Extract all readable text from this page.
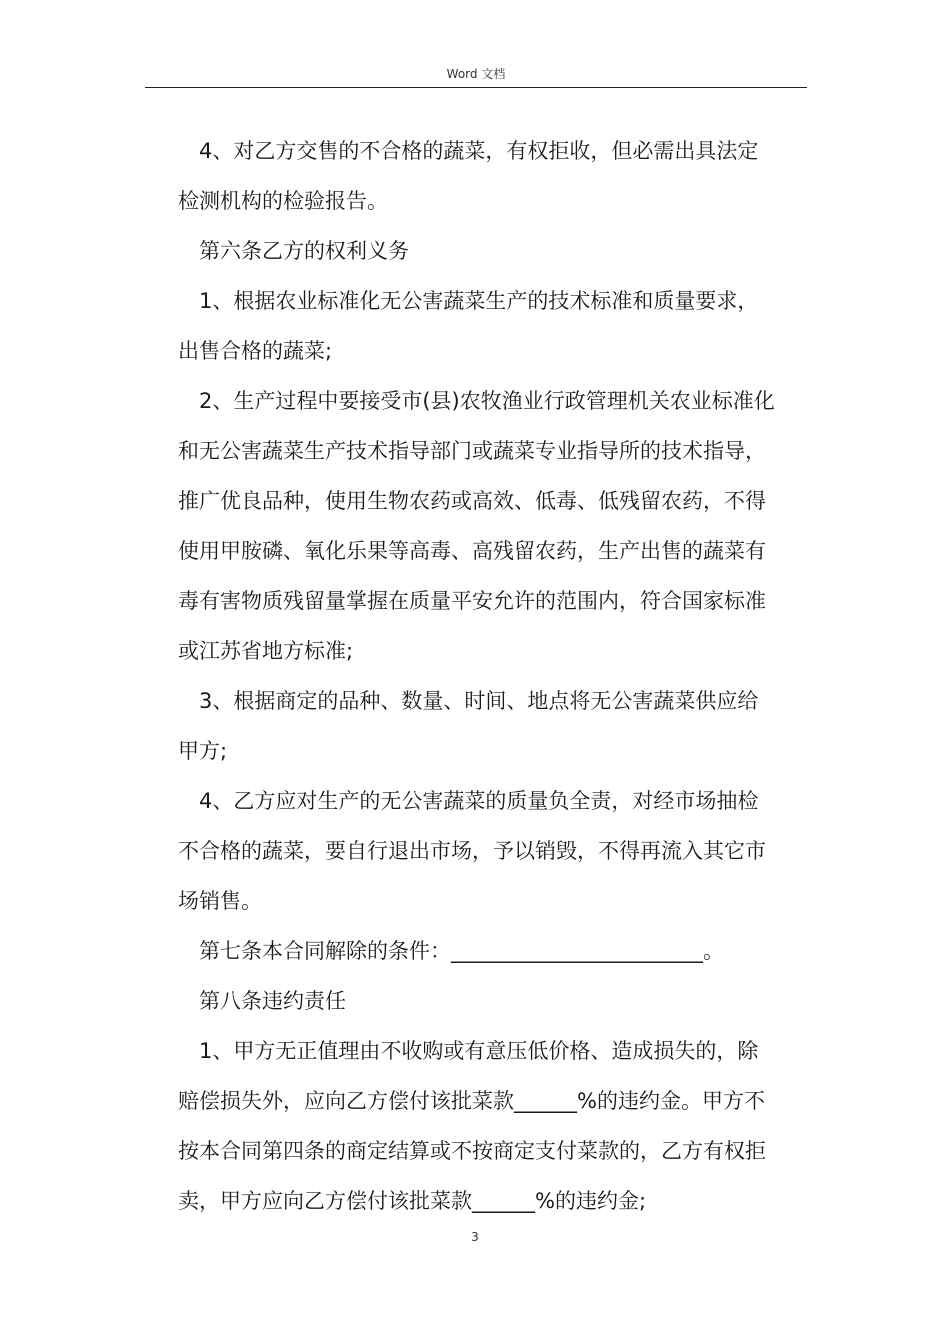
Word 文档

4、对乙方交售的不合格的蔬菜，有权拒收，但必需出具法定
检测机构的检验报告。

第六条乙方的权利义务

1、根据农业标准化无公害蔬菜生产的技术标准和质量要求，
出售合格的蔬菜;

2、生产过程中要接受市(县)农牧渔业行政管理机关农业标准化
和无公害蔬菜生产技术指导部门或蔬菜专业指导所的技术指导，
推广优良品种，使用生物农药或高效、低毒、低残留农药，不得
使用甲胺磷、氧化乐果等高毒、高残留农药，生产出售的蔬菜有
毒有害物质残留量掌握在质量平安允许的范围内，符合国家标准
或江苏省地方标准;

3、根据商定的品种、数量、时间、地点将无公害蔬菜供应给
甲方;

4、乙方应对生产的无公害蔬菜的质量负全责，对经市场抽检
不合格的蔬菜，要自行退出市场，予以销毁，不得再流入其它市
场销售。

第七条本合同解除的条件：________________________。

第八条违约责任

1、甲方无正值理由不收购或有意压低价格、造成损失的，除
赔偿损失外，应向乙方偿付该批菜款______%的违约金。甲方不
按本合同第四条的商定结算或不按商定支付菜款的，乙方有权拒
卖，甲方应向乙方偿付该批菜款______%的违约金;

3
